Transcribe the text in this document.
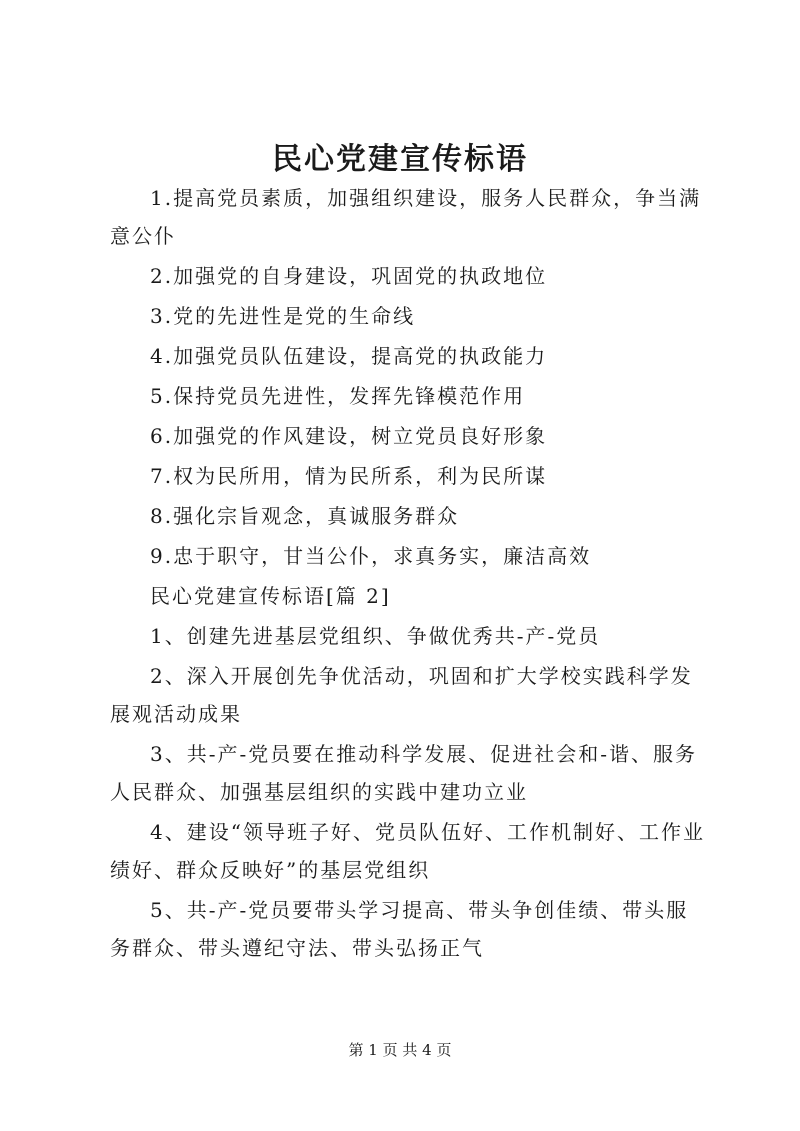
民心党建宣传标语

1.提高党员素质，加强组织建设，服务人民群众，争当满意公仆

2.加强党的自身建设，巩固党的执政地位

3.党的先进性是党的生命线

4.加强党员队伍建设，提高党的执政能力

5.保持党员先进性，发挥先锋模范作用

6.加强党的作风建设，树立党员良好形象

7.权为民所用，情为民所系，利为民所谋

8.强化宗旨观念，真诚服务群众

9.忠于职守，甘当公仆，求真务实，廉洁高效

民心党建宣传标语[篇 2]

1、创建先进基层党组织、争做优秀共-产-党员

2、深入开展创先争优活动，巩固和扩大学校实践科学发展观活动成果

3、共-产-党员要在推动科学发展、促进社会和-谐、服务人民群众、加强基层组织的实践中建功立业

4、建设“领导班子好、党员队伍好、工作机制好、工作业绩好、群众反映好”的基层党组织

5、共-产-党员要带头学习提高、带头争创佳绩、带头服务群众、带头遵纪守法、带头弘扬正气

第 1 页 共 4 页
